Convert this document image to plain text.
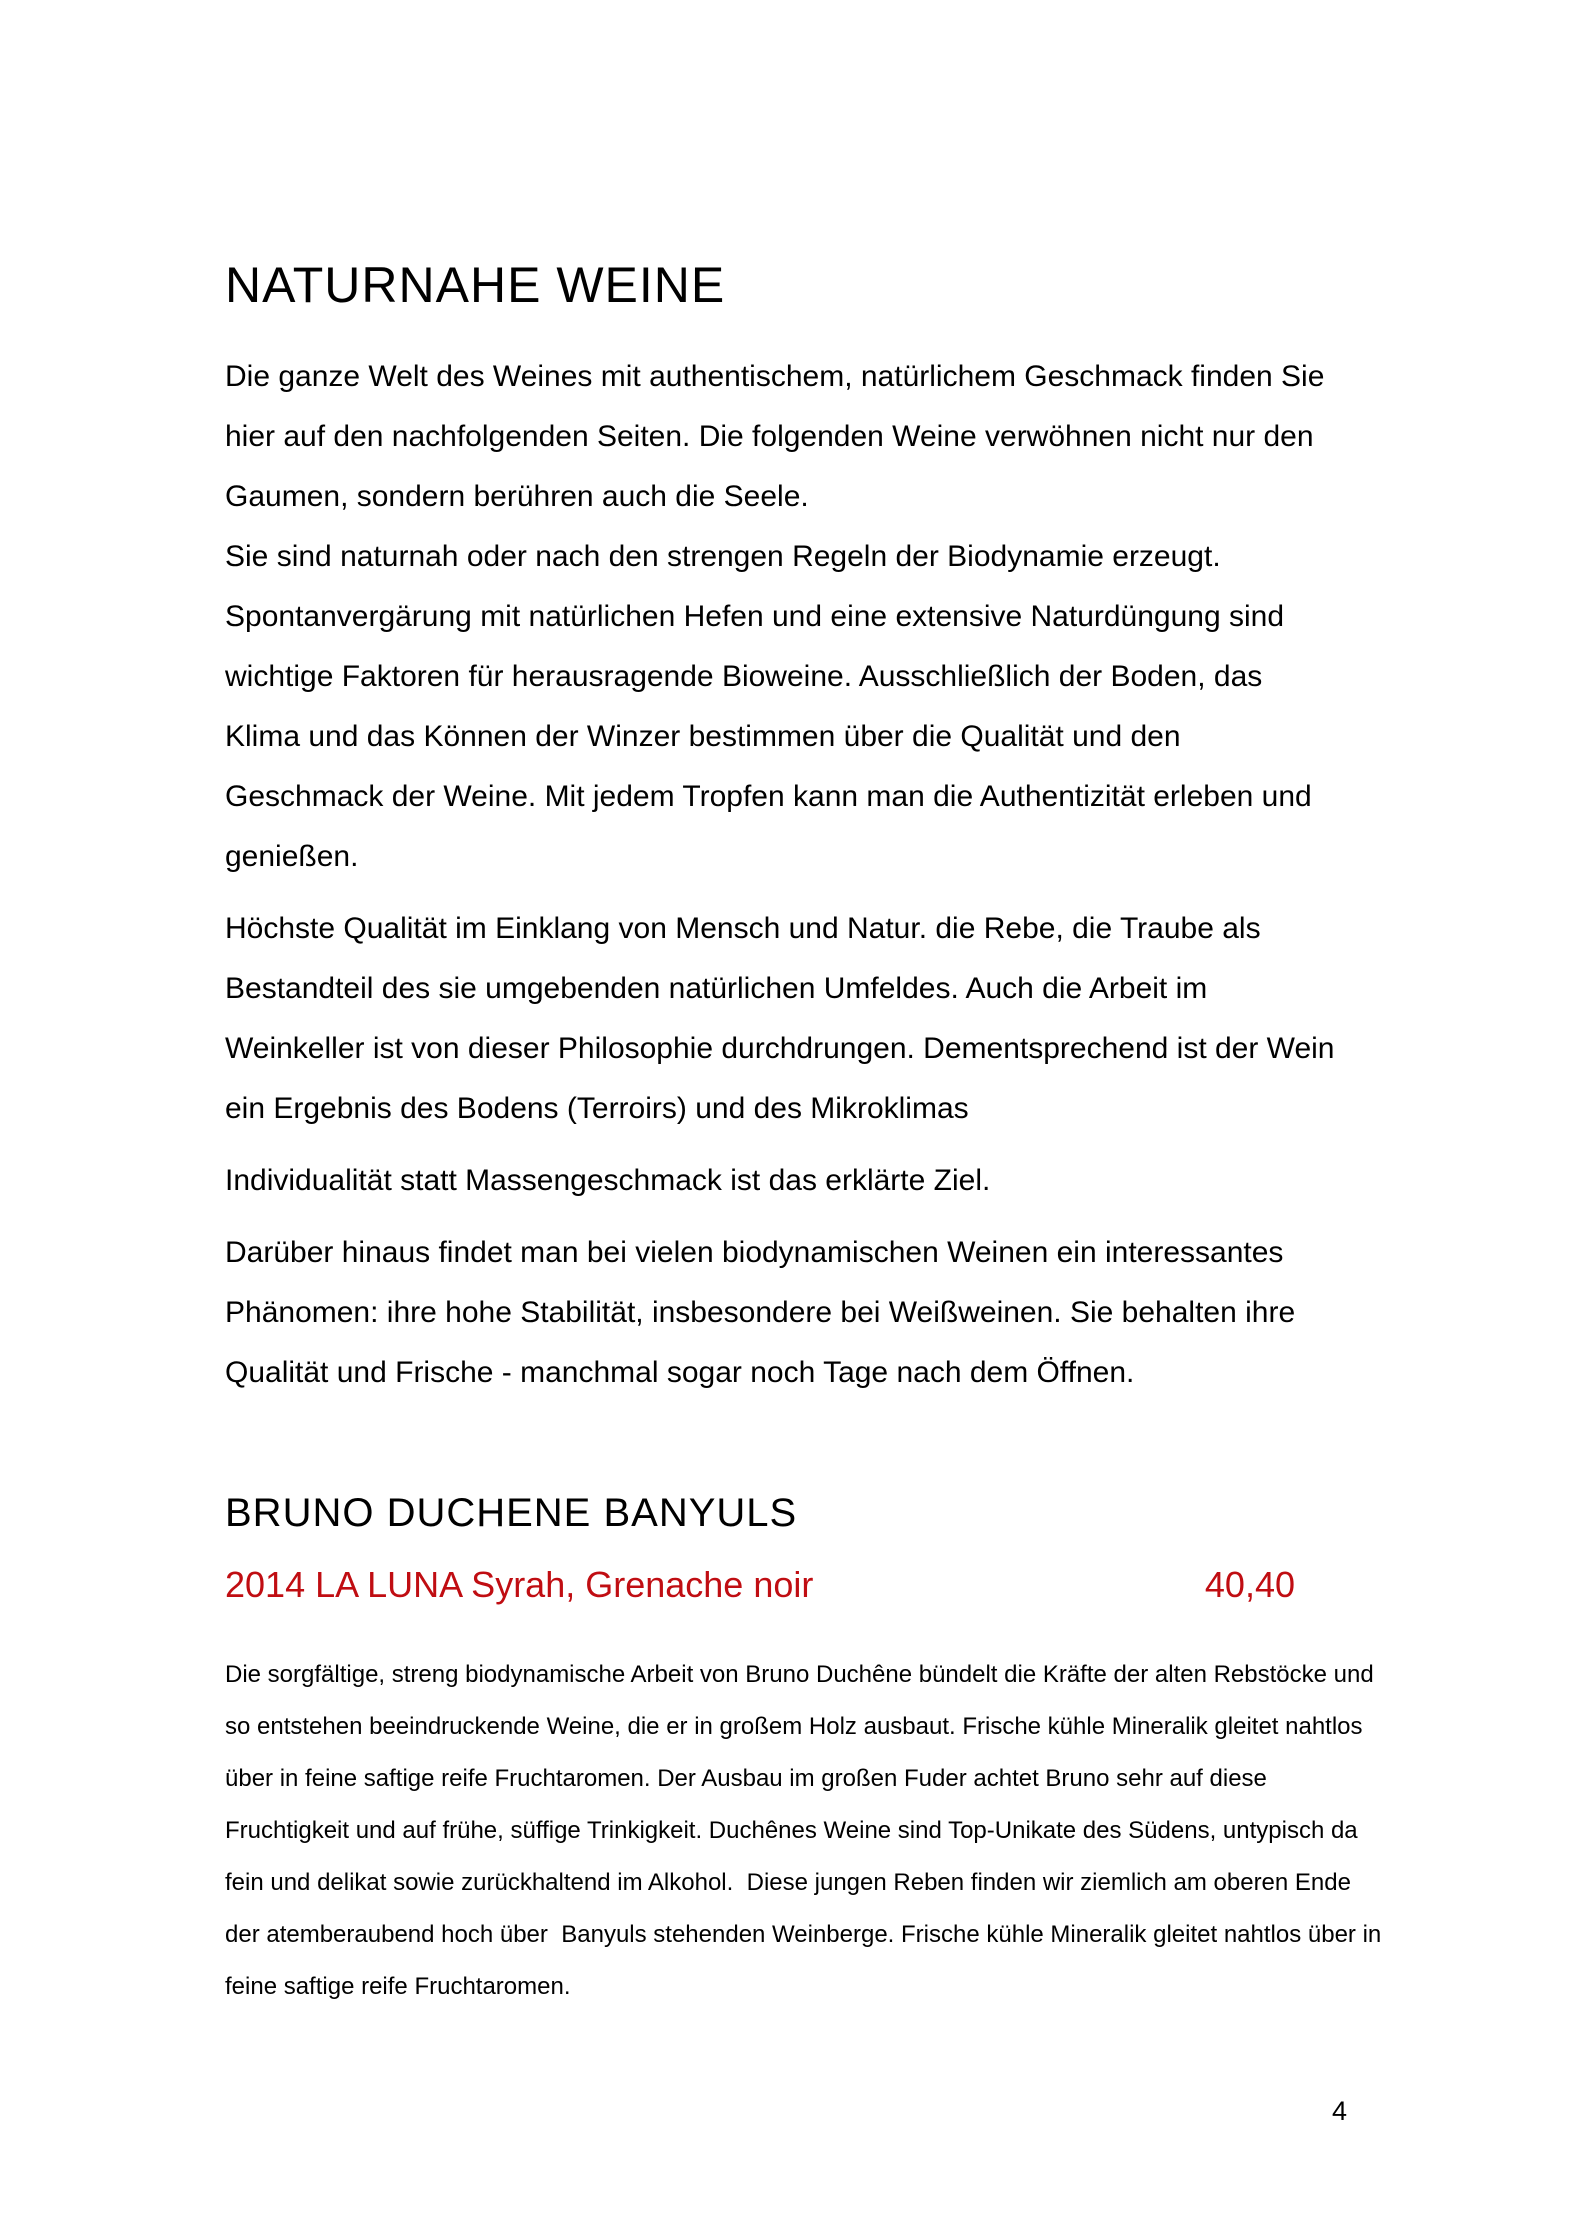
NATURNAHE WEINE

Die ganze Welt des Weines mit authentischem, natürlichem Geschmack finden Sie hier auf den nachfolgenden Seiten. Die folgenden Weine verwöhnen nicht nur den Gaumen, sondern berühren auch die Seele.

Sie sind naturnah oder nach den strengen Regeln der Biodynamie erzeugt. Spontanvergärung mit natürlichen Hefen und eine extensive Naturdüngung sind wichtige Faktoren für herausragende Bioweine. Ausschließlich der Boden, das Klima und das Können der Winzer bestimmen über die Qualität und den Geschmack der Weine. Mit jedem Tropfen kann man die Authentizität erleben und genießen.

Höchste Qualität im Einklang von Mensch und Natur. die Rebe, die Traube als Bestandteil des sie umgebenden natürlichen Umfeldes. Auch die Arbeit im Weinkeller ist von dieser Philosophie durchdrungen. Dementsprechend ist der Wein ein Ergebnis des Bodens (Terroirs) und des Mikroklimas

Individualität statt Massengeschmack ist das erklärte Ziel.

Darüber hinaus findet man bei vielen biodynamischen Weinen ein interessantes Phänomen: ihre hohe Stabilität, insbesondere bei Weißweinen. Sie behalten ihre Qualität und Frische - manchmal sogar noch Tage nach dem Öffnen.

BRUNO DUCHENE BANYULS
2014 LA LUNA Syrah, Grenache noir	40,40

Die sorgfältige, streng biodynamische Arbeit von Bruno Duchêne bündelt die Kräfte der alten Rebstöcke und so entstehen beeindruckende Weine, die er in großem Holz ausbaut. Frische kühle Mineralik gleitet nahtlos über in feine saftige reife Fruchtaromen. Der Ausbau im großen Fuder achtet Bruno sehr auf diese Fruchtigkeit und auf frühe, süffige Trinkigkeit. Duchênes Weine sind Top-Unikate des Südens, untypisch da fein und delikat sowie zurückhaltend im Alkohol.  Diese jungen Reben finden wir ziemlich am oberen Ende der atemberaubend hoch über  Banyuls stehenden Weinberge. Frische kühle Mineralik gleitet nahtlos über in feine saftige reife Fruchtaromen.

4
